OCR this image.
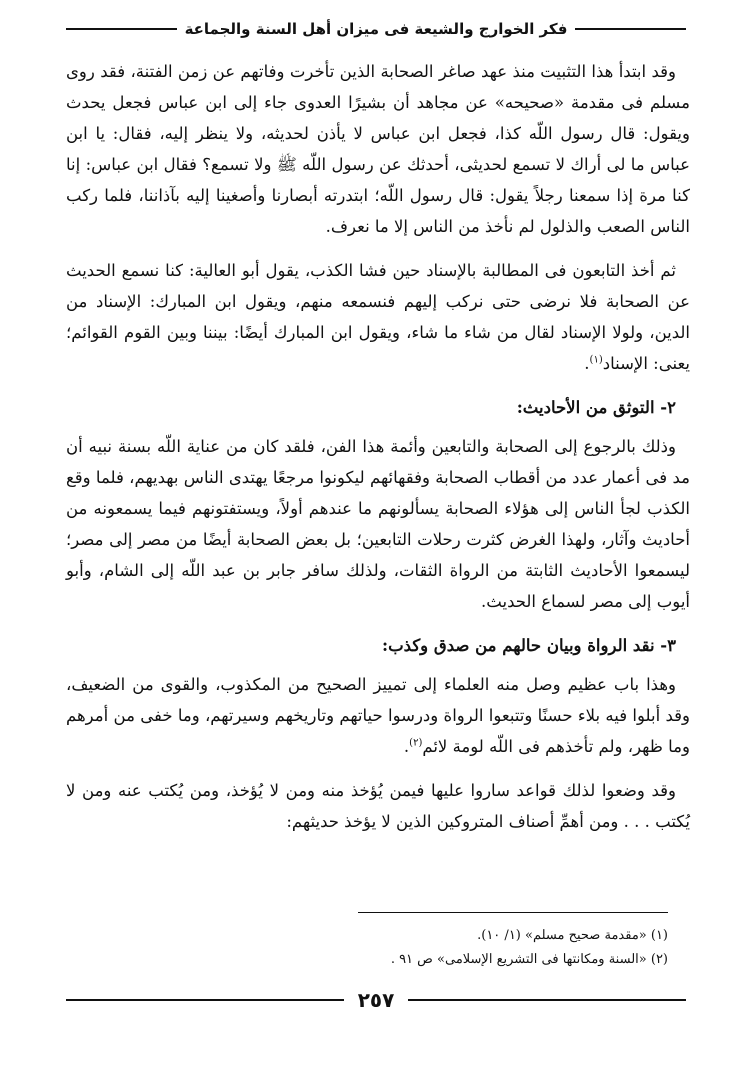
فكر الخوارج والشيعة فى ميزان أهل السنة والجماعة

وقد ابتدأ هذا التثبيت منذ عهد صاغر الصحابة الذين تأخرت وفاتهم عن زمن الفتنة، فقد روى مسلم فى مقدمة «صحيحه» عن مجاهد أن بشيرًا العدوى جاء إلى ابن عباس فجعل يحدث ويقول: قال رسول اللّه كذا، فجعل ابن عباس لا يأذن لحديثه، ولا ينظر إليه، فقال: يا ابن عباس ما لى أراك لا تسمع لحديثى، أحدثك عن رسول اللّه ﷺ ولا تسمع؟ فقال ابن عباس: إنا كنا مرة إذا سمعنا رجلاً يقول: قال رسول اللّه؛ ابتدرته أبصارنا وأصغينا إليه بآذاننا، فلما ركب الناس الصعب والذلول لم نأخذ من الناس إلا ما نعرف.

ثم أخذ التابعون فى المطالبة بالإسناد حين فشا الكذب، يقول أبو العالية: كنا نسمع الحديث عن الصحابة فلا نرضى حتى نركب إليهم فنسمعه منهم، ويقول ابن المبارك: الإسناد من الدين، ولولا الإسناد لقال من شاء ما شاء، ويقول ابن المبارك أيضًا: بيننا وبين القوم القوائم؛ يعنى: الإسناد$^{(١)}$.

٢- التوثق من الأحاديث:

وذلك بالرجوع إلى الصحابة والتابعين وأئمة هذا الفن، فلقد كان من عناية اللّه بسنة نبيه أن مد فى أعمار عدد من أقطاب الصحابة وفقهائهم ليكونوا مرجعًا يهتدى الناس بهديهم، فلما وقع الكذب لجأ الناس إلى هؤلاء الصحابة يسألونهم ما عندهم أولاً، ويستفتونهم فيما يسمعونه من أحاديث وآثار، ولهذا الغرض كثرت رحلات التابعين؛ بل بعض الصحابة أيضًا من مصر إلى مصر؛ ليسمعوا الأحاديث الثابتة من الرواة الثقات، ولذلك سافر جابر بن عبد اللّه إلى الشام، وأبو أيوب إلى مصر لسماع الحديث.

٣- نقد الرواة وبيان حالهم من صدق وكذب:

وهذا باب عظيم وصل منه العلماء إلى تمييز الصحيح من المكذوب، والقوى من الضعيف، وقد أبلوا فيه بلاء حسنًا وتتبعوا الرواة ودرسوا حياتهم وتاريخهم وسيرتهم، وما خفى من أمرهم وما ظهر، ولم تأخذهم فى اللّه لومة لائم$^{(٢)}$.

وقد وضعوا لذلك قواعد ساروا عليها فيمن يُؤخذ منه ومن لا يُؤخذ، ومن يُكتب عنه ومن لا يُكتب . . . ومن أهمِّ أصناف المتروكين الذين لا يؤخذ حديثهم:

(١) «مقدمة صحيح مسلم» (١/ ١٠).
(٢) «السنة ومكانتها فى التشريع الإسلامى» ص ٩١ .
٢٥٧
